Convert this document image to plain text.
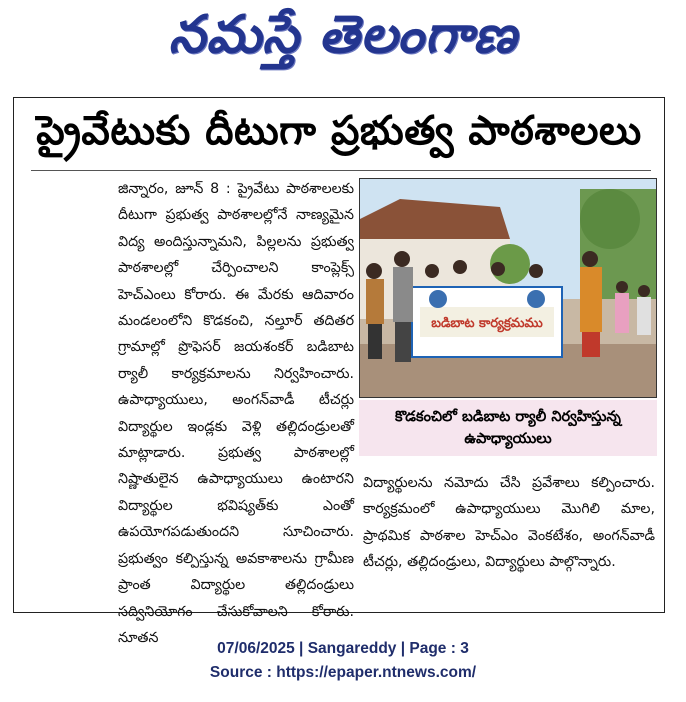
నమస్తే తెలంగాణ
ప్రైవేటుకు దీటుగా ప్రభుత్వ పాఠశాలలు

జిన్నారం, జూన్ 8 : ప్రైవేటు పాఠశాలలకు దీటుగా ప్రభుత్వ పాఠశాలల్లోనే నాణ్యమైన విద్య అందిస్తున్నామని, పిల్లలను ప్రభుత్వ పాఠశాలల్లో చేర్పించాలని కాంప్లెక్స్ హెచ్ఎంలు కోరారు. ఈ మేరకు ఆదివారం మండలంలోని కొడకంచి, నల్తూర్ తదితర గ్రామాల్లో ప్రొఫెసర్ జయశంకర్ బడిబాట ర్యాలీ కార్యక్రమాలను నిర్వహించారు. ఉపాధ్యాయులు, అంగన్‌వాడీ టీచర్లు విద్యార్థుల ఇండ్లకు వెళ్లి తల్లిదండ్రులతో మాట్లాడారు. ప్రభుత్వ పాఠశాలల్లో నిష్ణాతులైన ఉపాధ్యాయులు ఉంటారని విద్యార్థుల భవిష్యత్‌కు ఎంతో ఉపయోగపడుతుందని సూచించారు. ప్రభుత్వం కల్పిస్తున్న అవకాశాలను గ్రామీణ ప్రాంత విద్యార్థుల తల్లిదండ్రులు సద్వినియోగం చేసుకోవాలని కోరారు. నూతన

బడిబాట కార్యక్రమము
కొడకంచిలో బడిబాట ర్యాలీ నిర్వహిస్తున్న ఉపాధ్యాయులు

విద్యార్థులను నమోదు చేసి ప్రవేశాలు కల్పించారు. కార్యక్రమంలో ఉపాధ్యాయులు మొగిలి మాల, ప్రాథమిక పాఠశాల హెచ్ఎం వెంకటేశం, అంగన్‌వాడీ టీచర్లు, తల్లిదండ్రులు, విద్యార్థులు పాల్గొన్నారు.

07/06/2025 | Sangareddy | Page : 3
Source : https://epaper.ntnews.com/
